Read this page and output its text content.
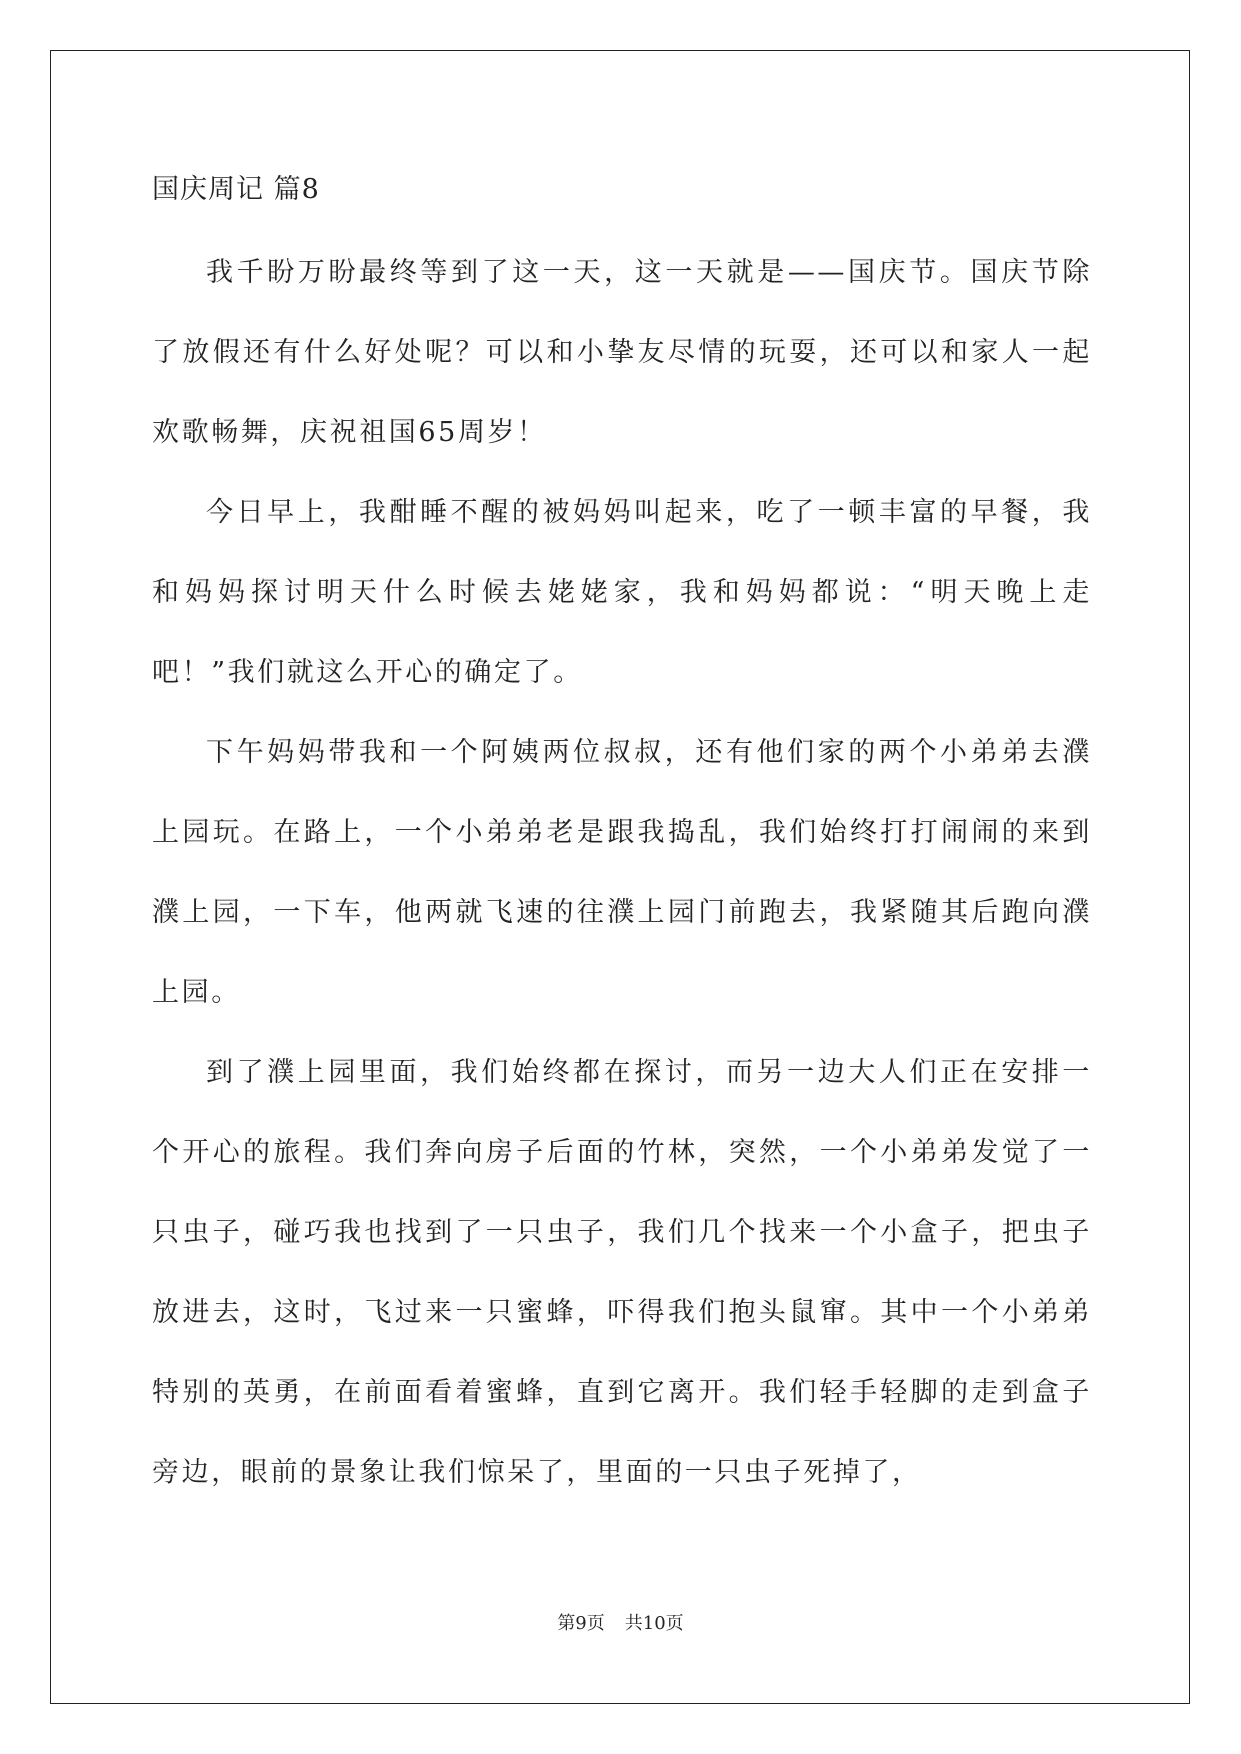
国庆周记 篇8

我千盼万盼最终等到了这一天，这一天就是——国庆节。国庆节除了放假还有什么好处呢？可以和小挚友尽情的玩耍，还可以和家人一起欢歌畅舞，庆祝祖国65周岁！

今日早上，我酣睡不醒的被妈妈叫起来，吃了一顿丰富的早餐，我和妈妈探讨明天什么时候去姥姥家，我和妈妈都说：“明天晚上走吧！”我们就这么开心的确定了。

下午妈妈带我和一个阿姨两位叔叔，还有他们家的两个小弟弟去濮上园玩。在路上，一个小弟弟老是跟我捣乱，我们始终打打闹闹的来到濮上园，一下车，他两就飞速的往濮上园门前跑去，我紧随其后跑向濮上园。

到了濮上园里面，我们始终都在探讨，而另一边大人们正在安排一个开心的旅程。我们奔向房子后面的竹林，突然，一个小弟弟发觉了一只虫子，碰巧我也找到了一只虫子，我们几个找来一个小盒子，把虫子放进去，这时，飞过来一只蜜蜂，吓得我们抱头鼠窜。其中一个小弟弟特别的英勇，在前面看着蜜蜂，直到它离开。我们轻手轻脚的走到盒子旁边，眼前的景象让我们惊呆了，里面的一只虫子死掉了，

第9页 共10页
